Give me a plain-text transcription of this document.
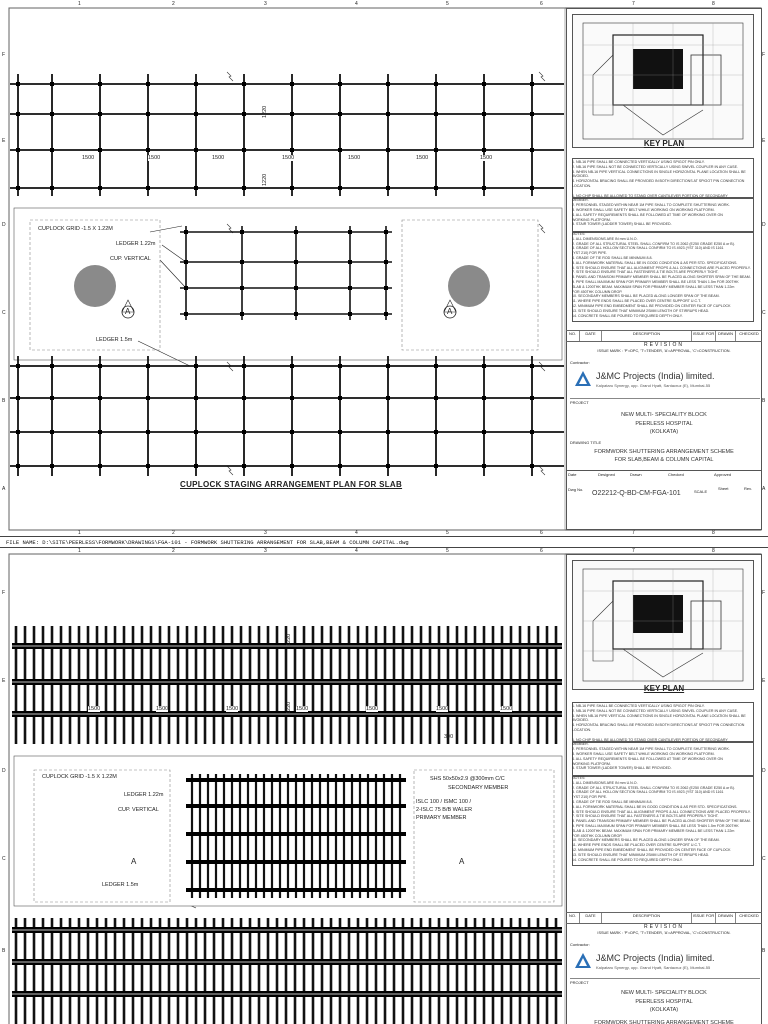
1
1
2
2
3
3
4
4
5
5
6
6
7
7
8
8
F	F
E	E
D	D
C	C
B	B
A	A
1500	1500	1500	1500	1500	1500	1500
1220
1220
CUPLOCK GRID -1.5 X 1.22M
LEDGER 1.22m
CUP. VERTICAL
LEDGER 1.5m
A	A
CUPLOCK STAGING ARRANGEMENT PLAN FOR SLAB
KEY PLAN
1. NB-16 PIPE SHALL BE CONNECTED VERTICALLY USING SPIGOT PIN ONLY.
2. NB-16 PIPE SHALL NOT BE CONNECTED VERTICALLY USING SWIVEL COUPLER IN ANY CASE.
3. WHEN NB-16 PIPE VERTICAL CONNECTIONS IN SINGLE HORIZONTAL PLANE LOCATION SHALL BE
AVOIDED.
4. HORIZONTAL BRACING SHALL BE PROVIDED IN BOTH DIRECTIONS AT SPIGOT PIN CONNECTION
LOCATION.

1. NO CHIP SHALL BE ALLOWED TO STAND OVER CANTILEVER PORTION OF SECONDARY
MEMBER.
2. PERSONNEL STAGED WITHIN NEAR 1M PIPE SHALL TO COMPLETE SHUTTERING WORK.
3. WORKER SHALL USE SAFETY BELT WHILE WORKING ON WORKING PLATFORM.
4. ALL SAFETY REQUIREMENTS SHALL BE FOLLOWED AT TIME OF WORKING OVER ON
WORKING PLATFORM.
5. STAIR TOWER (LADDER TOWER) SHALL BE PROVIDED.

NOTES:
1. ALL DIMENSIONS ARE IN mm U.N.O.
2. GRADE OF ALL STRUCTURAL STEEL SHALL CONFIRM TO IS 2062 (E250 GRADE E250 A or B).
3. GRADE OF ALL HOLLOW SECTION SHALL CONFIRM TO IS 4923 (YST 310) AND IS 1161
(YST 210) FOR PIPE.
4. GRADE OF TIE ROD SHALL BE MINIMUM 8.8.
5. ALL FORMWORK MATERIAL SHALL BE IN GOOD CONDITION & AS PER STD. SPECIFICATIONS.
6. SITE SHOULD ENSURE THAT ALL ALIGNMENT PROPS & ALL CONNECTIONS ARE PLACED PROPERLY.
7. SITE SHOULD ENSURE THAT ALL FASTENERS & TIE BOLTS ARE PROPERLY TIGHT.
8. PANEL AND TRANSOM PRIMARY MEMBER SHALL BE PLACED ALONG SHORTER SPAN OF THE BEAM.
9. PIPE SHALL MAXIMUM SPAN FOR PRIMARY MEMBER SHALL BE LESS THAN 1.5m FOR 200THK
SLAB & 1200THK BEAM. MAXIMUM SPAN FOR PRIMARY MEMBER SHALL BE LESS THAN 1.22m
FOR 450THK COLUMN DROP.
10. SECONDARY MEMBERS SHALL BE PLACED ALONG LONGER SPAN OF THE BEAM.
11. WHERE PIPE ENDS SHALL BE PLACED OVER CENTRE SUPPORT U.C.T.
12. MINIMUM PIPE END EMBEDMENT SHALL BE PROVIDED ON CENTER FACE OF CUPLOCK
13. SITE SHOULD ENSURE THAT MINIMUM 2SMM LENGTH OF STIRRUPS HEAD.
14. CONCRETE SHALL BE POURED TO REQUIRED DEPTH ONLY.
NO.	DATE	DESCRIPTION	ISSUE FOR DRAWN	CHECKED
REVISION
ISSUE MARK : 'P'=DPC, 'T'=TENDER, 'A'=APPROVAL, 'C'=CONSTRUCTION.
Contractor:
J&MC Projects (India) limited.
Kalpataru Synergy, opp. Grand Hyatt, Santacruz (E), Mumbai-55
PROJECT
NEW MULTI- SPECIALITY BLOCK
PEERLESS HOSPITAL
(KOLKATA)
DRAWING TITLE
FORMWORK SHUTTERING ARRANGEMENT SCHEME
FOR SLAB,BEAM & COLUMN CAPITAL
Date	Designed	Drawn	Checked	Approved
Dwg No.
O22212-Q-BD-CM-FGA-101	SCALE
Sheet	Rev.
FILE NAME: D:\SITE\PEERLESS\FORMWORK\DRAWINGS\FGA-101 - FORMWORK SHUTTERING ARRANGEMENT FOR SLAB,BEAM & COLUMN CAPITAL.dwg
1	2	3	4	5	6	7	8
F	F
E	E
D	D
C	C
B	B
1500	1500	1500	1500	1500	1500	1500
1220
1220
300
CUPLOCK GRID -1.5 X 1.22M
LEDGER 1.22m
CUP. VERTICAL
LEDGER 1.5m
SHS 50x50x2.9 @300mm C/C
SECONDARY MEMBER
ISLC 100 / ISMC 100 /
2-ISLC 75 B/B WALER
PRIMARY MEMBER
A	A
KEY PLAN
1. NB-16 PIPE SHALL BE CONNECTED VERTICALLY USING SPIGOT PIN ONLY.
2. NB-16 PIPE SHALL NOT BE CONNECTED VERTICALLY USING SWIVEL COUPLER IN ANY CASE.
3. WHEN NB-16 PIPE VERTICAL CONNECTIONS IN SINGLE HORIZONTAL PLANE LOCATION SHALL BE
AVOIDED.
4. HORIZONTAL BRACING SHALL BE PROVIDED IN BOTH DIRECTIONS AT SPIGOT PIN CONNECTION
LOCATION.

1. NO CHIP SHALL BE ALLOWED TO STAND OVER CANTILEVER PORTION OF SECONDARY
MEMBER.
2. PERSONNEL STAGED WITHIN NEAR 1M PIPE SHALL TO COMPLETE SHUTTERING WORK.
3. WORKER SHALL USE SAFETY BELT WHILE WORKING ON WORKING PLATFORM.
4. ALL SAFETY REQUIREMENTS SHALL BE FOLLOWED AT TIME OF WORKING OVER ON
WORKING PLATFORM.
5. STAIR TOWER (LADDER TOWER) SHALL BE PROVIDED.

NOTES:
1. ALL DIMENSIONS ARE IN mm U.N.O.
2. GRADE OF ALL STRUCTURAL STEEL SHALL CONFIRM TO IS 2062 (E250 GRADE E250 A or B).
3. GRADE OF ALL HOLLOW SECTION SHALL CONFIRM TO IS 4923 (YST 310) AND IS 1161
(YST 210) FOR PIPE.
4. GRADE OF TIE ROD SHALL BE MINIMUM 8.8.
5. ALL FORMWORK MATERIAL SHALL BE IN GOOD CONDITION & AS PER STD. SPECIFICATIONS.
6. SITE SHOULD ENSURE THAT ALL ALIGNMENT PROPS & ALL CONNECTIONS ARE PLACED PROPERLY.
7. SITE SHOULD ENSURE THAT ALL FASTENERS & TIE BOLTS ARE PROPERLY TIGHT.
8. PANEL AND TRANSOM PRIMARY MEMBER SHALL BE PLACED ALONG SHORTER SPAN OF THE BEAM.
9. PIPE SHALL MAXIMUM SPAN FOR PRIMARY MEMBER SHALL BE LESS THAN 1.5m FOR 200THK
SLAB & 1200THK BEAM. MAXIMUM SPAN FOR PRIMARY MEMBER SHALL BE LESS THAN 1.22m
FOR 450THK COLUMN DROP.
10. SECONDARY MEMBERS SHALL BE PLACED ALONG LONGER SPAN OF THE BEAM.
11. WHERE PIPE ENDS SHALL BE PLACED OVER CENTRE SUPPORT U.C.T.
12. MINIMUM PIPE END EMBEDMENT SHALL BE PROVIDED ON CENTER FACE OF CUPLOCK
13. SITE SHOULD ENSURE THAT MINIMUM 2SMM LENGTH OF STIRRUPS HEAD.
14. CONCRETE SHALL BE POURED TO REQUIRED DEPTH ONLY.
NO.	DATE	DESCRIPTION	ISSUE FOR DRAWN	CHECKED
REVISION
ISSUE MARK : 'P'=DPC, 'T'=TENDER, 'A'=APPROVAL, 'C'=CONSTRUCTION.
Contractor:
J&MC Projects (India) limited.
Kalpataru Synergy, opp. Grand Hyatt, Santacruz (E), Mumbai-55
PROJECT
NEW MULTI- SPECIALITY BLOCK
PEERLESS HOSPITAL
(KOLKATA)
FORMWORK SHUTTERING ARRANGEMENT SCHEME
